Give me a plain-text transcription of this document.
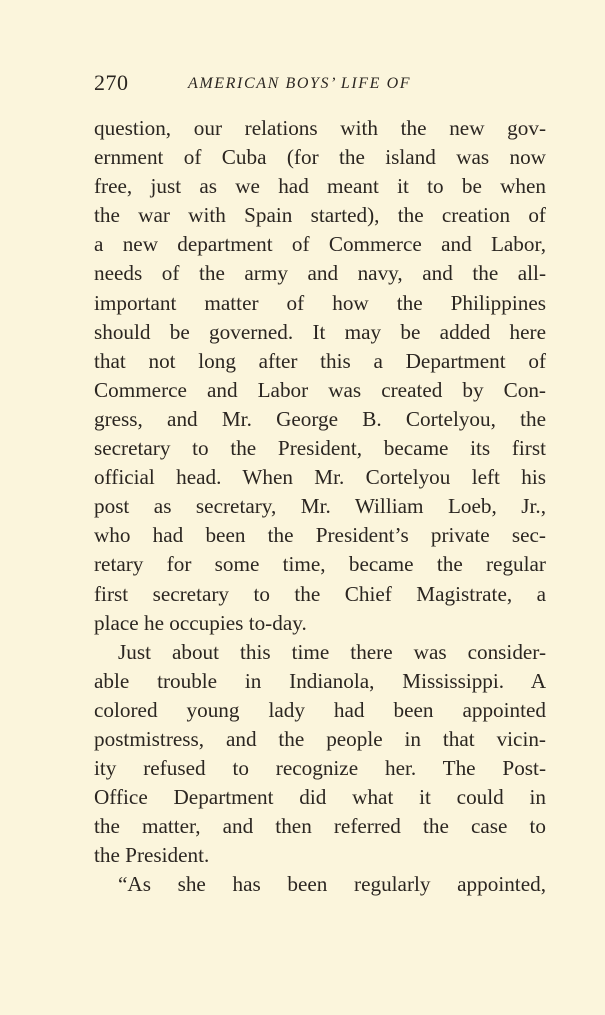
270	AMERICAN BOYS’ LIFE OF
question, our relations with the new gov-
ernment of Cuba (for the island was now
free, just as we had meant it to be when
the war with Spain started), the creation of
a new department of Commerce and Labor,
needs of the army and navy, and the all-
important matter of how the Philippines
should be governed. It may be added here
that not long after this a Department of
Commerce and Labor was created by Con-
gress, and Mr. George B. Cortelyou, the
secretary to the President, became its first
official head. When Mr. Cortelyou left his
post as secretary, Mr. William Loeb, Jr.,
who had been the President’s private sec-
retary for some time, became the regular
first secretary to the Chief Magistrate, a
place he occupies to-day.
Just about this time there was consider-
able trouble in Indianola, Mississippi. A
colored young lady had been appointed
postmistress, and the people in that vicin-
ity refused to recognize her. The Post-
Office Department did what it could in
the matter, and then referred the case to
the President.
“As she has been regularly appointed,
